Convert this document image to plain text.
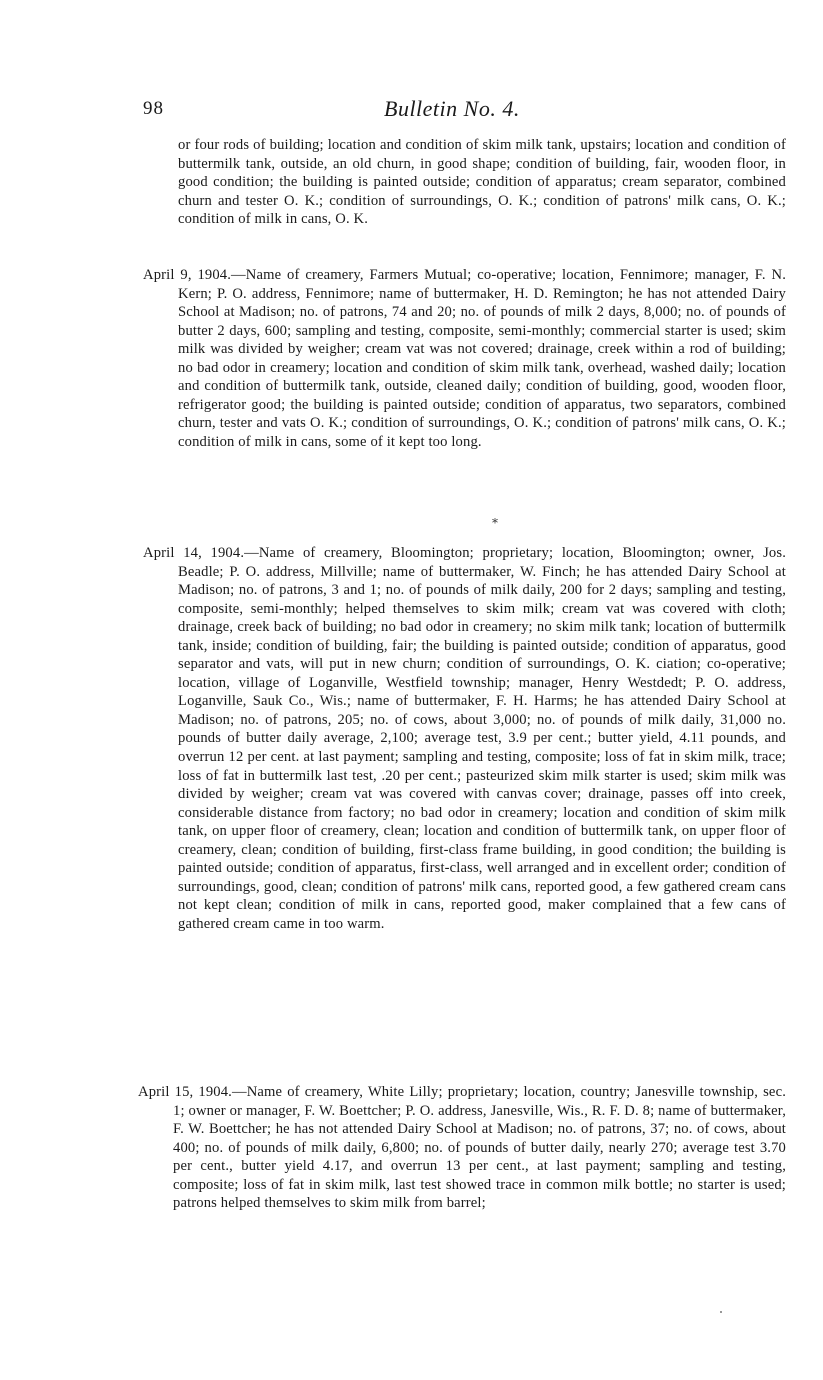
98	Bulletin No. 4.

or four rods of building; location and condition of skim milk tank, upstairs; location and condition of buttermilk tank, outside, an old churn, in good shape; condition of building, fair, wooden floor, in good condition; the building is painted outside; condition of apparatus; cream separator, combined churn and tester O. K.; condition of surroundings, O. K.; condition of patrons' milk cans, O. K.; condition of milk in cans, O. K.

April 9, 1904.—Name of creamery, Farmers Mutual; co-operative; location, Fennimore; manager, F. N. Kern; P. O. address, Fennimore; name of buttermaker, H. D. Remington; he has not attended Dairy School at Madison; no. of patrons, 74 and 20; no. of pounds of milk 2 days, 8,000; no. of pounds of butter 2 days, 600; sampling and testing, composite, semi-monthly; commercial starter is used; skim milk was divided by weigher; cream vat was not covered; drainage, creek within a rod of building; no bad odor in creamery; location and condition of skim milk tank, overhead, washed daily; location and condition of buttermilk tank, outside, cleaned daily; condition of building, good, wooden floor, refrigerator good; the building is painted outside; condition of apparatus, two separators, combined churn, tester and vats O. K.; condition of surroundings, O. K.; condition of patrons' milk cans, O. K.; condition of milk in cans, some of it kept too long.

⁎

April 14, 1904.—Name of creamery, Bloomington; proprietary; location, Bloomington; owner, Jos. Beadle; P. O. address, Millville; name of buttermaker, W. Finch; he has attended Dairy School at Madison; no. of patrons, 3 and 1; no. of pounds of milk daily, 200 for 2 days; sampling and testing, composite, semi-monthly; helped themselves to skim milk; cream vat was covered with cloth; drainage, creek back of building; no bad odor in creamery; no skim milk tank; location of buttermilk tank, inside; condition of building, fair; the building is painted outside; condition of apparatus, good separator and vats, will put in new churn; condition of surroundings, O. K. ciation; co-operative; location, village of Loganville, Westfield township; manager, Henry Westdedt; P. O. address, Loganville, Sauk Co., Wis.; name of buttermaker, F. H. Harms; he has attended Dairy School at Madison; no. of patrons, 205; no. of cows, about 3,000; no. of pounds of milk daily, 31,000 no. pounds of butter daily average, 2,100; average test, 3.9 per cent.; butter yield, 4.11 pounds, and overrun 12 per cent. at last payment; sampling and testing, composite; loss of fat in skim milk, trace; loss of fat in buttermilk last test, .20 per cent.; pasteurized skim milk starter is used; skim milk was divided by weigher; cream vat was covered with canvas cover; drainage, passes off into creek, considerable distance from factory; no bad odor in creamery; location and condition of skim milk tank, on upper floor of creamery, clean; location and condition of buttermilk tank, on upper floor of creamery, clean; condition of building, first-class frame building, in good condition; the building is painted outside; condition of apparatus, first-class, well arranged and in excellent order; condition of surroundings, good, clean; condition of patrons' milk cans, reported good, a few gathered cream cans not kept clean; condition of milk in cans, reported good, maker complained that a few cans of gathered cream came in too warm.

April 15, 1904.—Name of creamery, White Lilly; proprietary; location, country; Janesville township, sec. 1; owner or manager, F. W. Boettcher; P. O. address, Janesville, Wis., R. F. D. 8; name of buttermaker, F. W. Boettcher; he has not attended Dairy School at Madison; no. of patrons, 37; no. of cows, about 400; no. of pounds of milk daily, 6,800; no. of pounds of butter daily, nearly 270; average test 3.70 per cent., butter yield 4.17, and overrun 13 per cent., at last payment; sampling and testing, composite; loss of fat in skim milk, last test showed trace in common milk bottle; no starter is used; patrons helped themselves to skim milk from barrel;
